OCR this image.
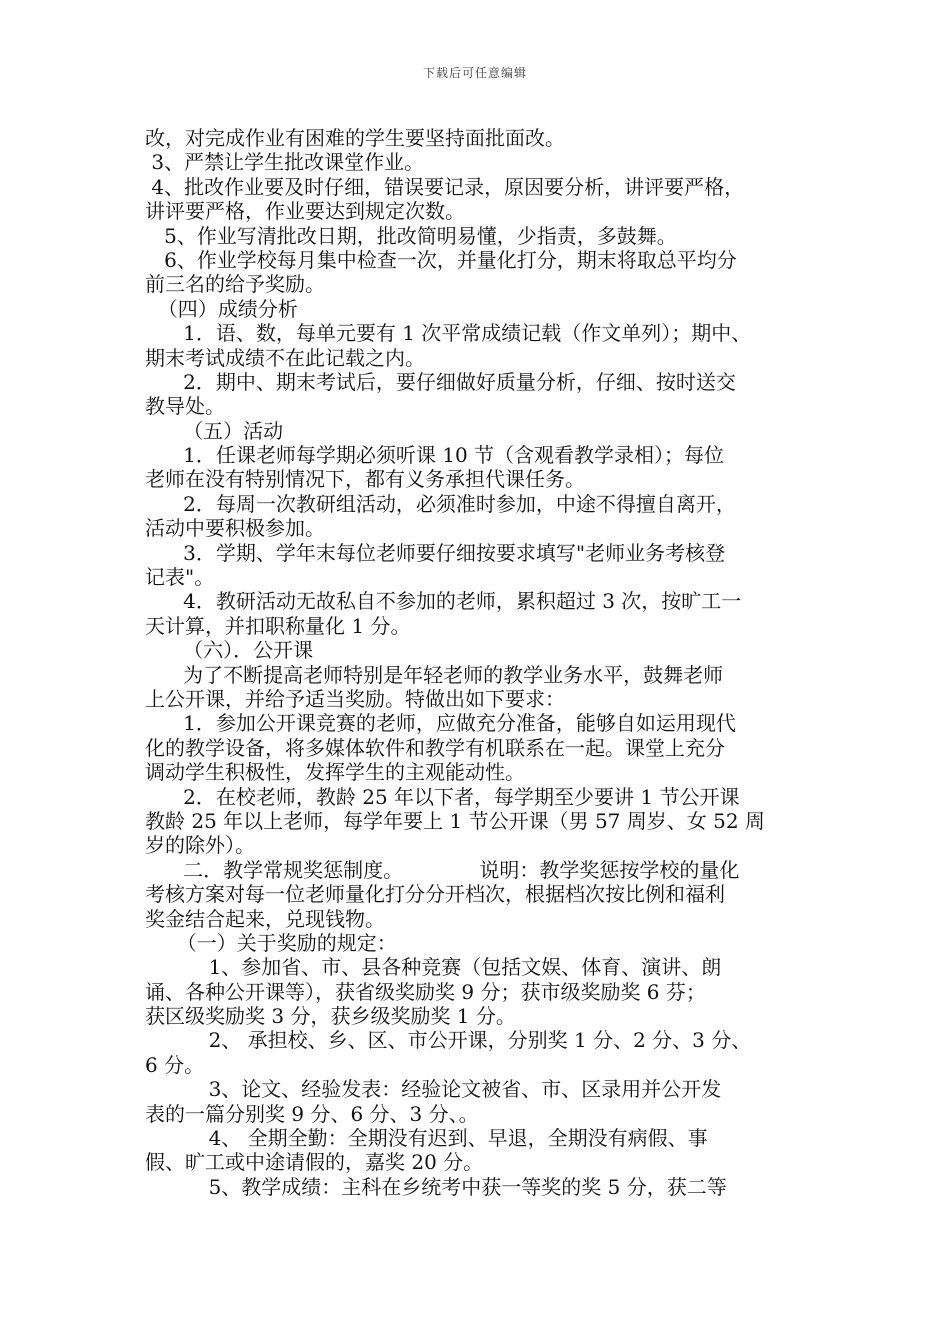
下载后可任意编辑
改，对完成作业有困难的学生要坚持面批面改。
3、严禁让学生批改课堂作业。
4、批改作业要及时仔细，错误要记录，原因要分析，讲评要严格，
讲评要严格，作业要达到规定次数。
5、作业写清批改日期，批改简明易懂，少指责，多鼓舞。
6、作业学校每月集中检查一次，并量化打分，期末将取总平均分
前三名的给予奖励。
（四）成绩分析
1．语、数，每单元要有 1 次平常成绩记载（作文单列）；期中、
期末考试成绩不在此记载之内。
2．期中、期末考试后，要仔细做好质量分析，仔细、按时送交
教导处。
（五）活动
1．任课老师每学期必须听课 10 节（含观看教学录相）；每位
老师在没有特别情况下，都有义务承担代课任务。
2．每周一次教研组活动，必须准时参加，中途不得擅自离开，
活动中要积极参加。
3．学期、学年末每位老师要仔细按要求填写"老师业务考核登
记表"。
4．教研活动无故私自不参加的老师，累积超过 3 次，按旷工一
天计算，并扣职称量化 1 分。
（六）．公开课
为了不断提高老师特别是年轻老师的教学业务水平，鼓舞老师
上公开课，并给予适当奖励。特做出如下要求：
1．参加公开课竞赛的老师，应做充分准备，能够自如运用现代
化的教学设备，将多媒体软件和教学有机联系在一起。课堂上充分
调动学生积极性，发挥学生的主观能动性。
2．在校老师，教龄 25 年以下者，每学期至少要讲 1 节公开课
教龄 25 年以上老师，每学年要上 1 节公开课（男 57 周岁、女 52 周
岁的除外）。
二．教学常规奖惩制度。            说明：教学奖惩按学校的量化
考核方案对每一位老师量化打分分开档次，根据档次按比例和福利
奖金结合起来，兑现钱物。
（一）关于奖励的规定：
1、参加省、市、县各种竞赛（包括文娱、体育、演讲、朗
诵、各种公开课等），获省级奖励奖 9 分；获市级奖励奖 6 芬；
获区级奖励奖 3 分，获乡级奖励奖 1 分。
2、 承担校、乡、区、市公开课，分别奖 1 分、2 分、3 分、
6 分。
3、论文、经验发表：经验论文被省、市、区录用并公开发
表的一篇分别奖 9 分、6 分、3 分、。
4、 全期全勤：全期没有迟到、早退，全期没有病假、事
假、旷工或中途请假的，嘉奖 20 分。
5、教学成绩：主科在乡统考中获一等奖的奖 5 分，获二等
